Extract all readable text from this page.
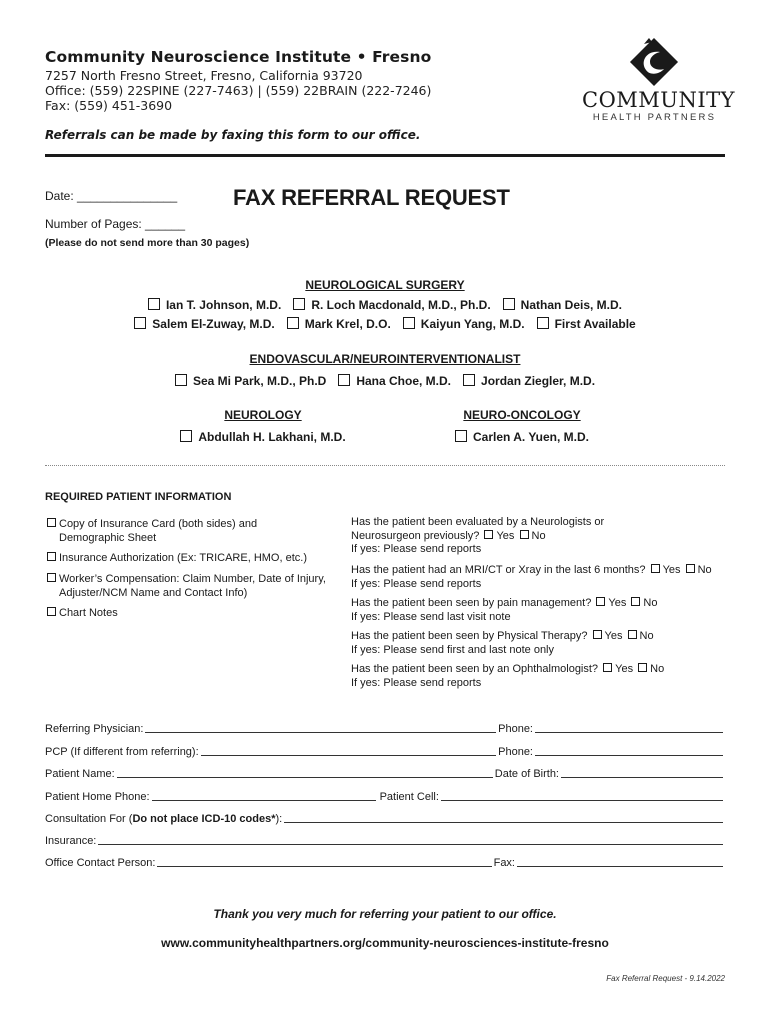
Community Neuroscience Institute • Fresno
7257 North Fresno Street, Fresno, California 93720
Office: (559) 22SPINE (227-7463) | (559) 22BRAIN (222-7246)
Fax: (559) 451-3690
Referrals can be made by faxing this form to our office.
COMMUNITY
HEALTH PARTNERS
Date: _______________	FAX REFERRAL REQUEST
Number of Pages: ______
(Please do not send more than 30 pages)
NEUROLOGICAL SURGERY
Ian T. Johnson, M.D.	R. Loch Macdonald, M.D., Ph.D.	Nathan Deis, M.D.
Salem El-Zuway, M.D.	Mark Krel, D.O.	Kaiyun Yang, M.D.	First Available
ENDOVASCULAR/NEUROINTERVENTIONALIST
Sea Mi Park, M.D., Ph.D	Hana Choe, M.D.	Jordan Ziegler, M.D.
NEUROLOGY	NEURO-ONCOLOGY
Abdullah H. Lakhani, M.D.	Carlen A. Yuen, M.D.
REQUIRED PATIENT INFORMATION
Copy of Insurance Card (both sides) and
Demographic Sheet
Insurance Authorization (Ex: TRICARE, HMO, etc.)
Worker’s Compensation: Claim Number, Date of Injury,
Adjuster/NCM Name and Contact Info)
Chart Notes
Has the patient been evaluated by a Neurologists or
Neurosurgeon previously? Yes No
If yes: Please send reports
Has the patient had an MRI/CT or Xray in the last 6 months? Yes No
If yes: Please send reports
Has the patient been seen by pain management? Yes No
If yes: Please send last visit note
Has the patient been seen by Physical Therapy? Yes No
If yes: Please send first and last note only
Has the patient been seen by an Ophthalmologist? Yes No
If yes: Please send reports
Referring Physician:	Phone:
PCP (If different from referring):	Phone:
Patient Name:	Date of Birth:
Patient Home Phone:	Patient Cell:
Consultation For (Do not place ICD-10 codes*):
Insurance:
Office Contact Person:	Fax:
Thank you very much for referring your patient to our office.
www.communityhealthpartners.org/community-neurosciences-institute-fresno
Fax Referral Request - 9.14.2022
